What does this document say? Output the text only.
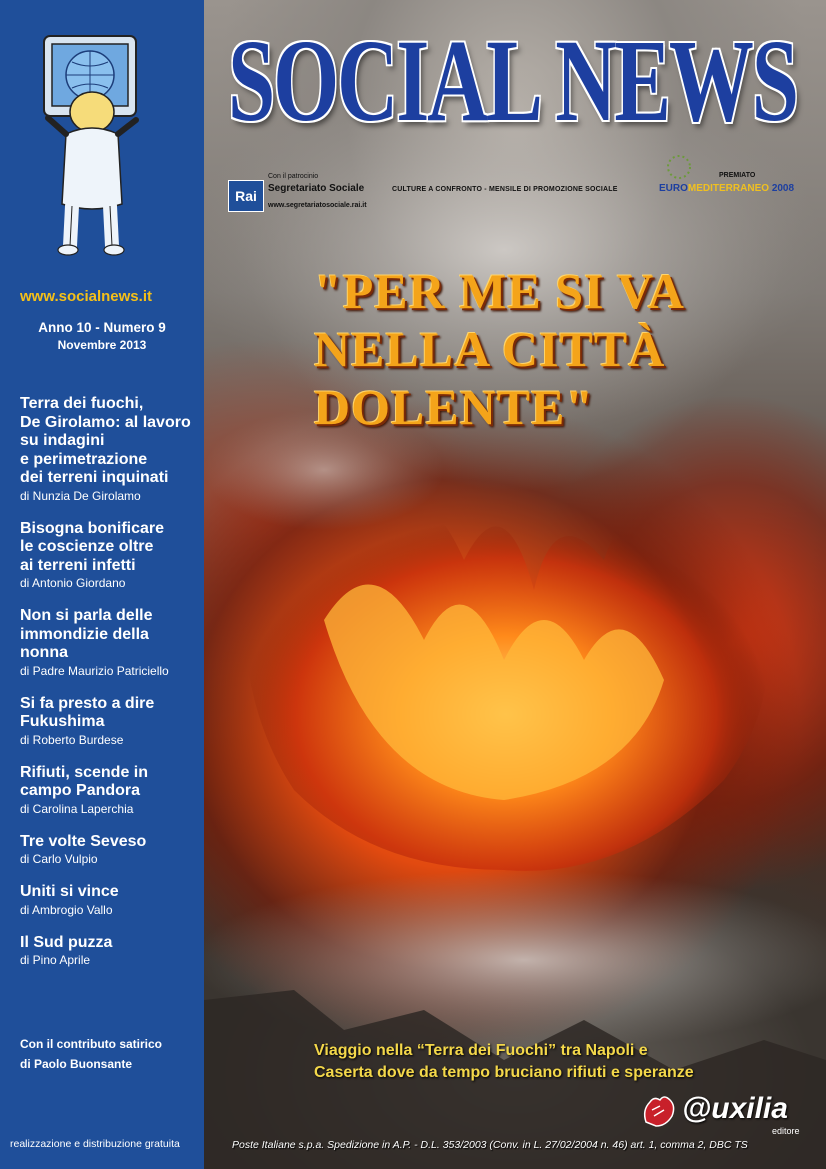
www.socialnews.it
Anno 10 - Numero 9
Novembre 2013
Terra dei fuochi,
De Girolamo: al lavoro
su indagini
e perimetrazione
dei terreni inquinati
di Nunzia De Girolamo
Bisogna bonificare
le coscienze oltre
ai terreni infetti
di Antonio Giordano
Non si parla delle
immondizie della
nonna
di Padre Maurizio Patriciello
Si fa presto a dire
Fukushima
di Roberto Burdese
Rifiuti, scende in
campo Pandora
di Carolina Laperchia
Tre volte Seveso
di Carlo Vulpio
Uniti si vince
di Ambrogio Vallo
Il Sud puzza
di Pino Aprile
Con il contributo satirico
di Paolo Buonsante
realizzazione e distribuzione gratuita
SOCIAL NEWS
Rai
Con il patrocinio
Segretariato Sociale
www.segretariatosociale.rai.it
CULTURE A CONFRONTO - MENSILE DI PROMOZIONE SOCIALE
PREMIATO
EUROMEDITERRANEO 2008
"PER ME SI VA
NELLA CITTÀ
DOLENTE"
Viaggio nella “Terra dei Fuochi” tra Napoli e
Caserta dove da tempo bruciano rifiuti e speranze
@uxilia
editore
Poste Italiane s.p.a. Spedizione in A.P. - D.L. 353/2003 (Conv. in L. 27/02/2004 n. 46) art. 1, comma 2, DBC TS
